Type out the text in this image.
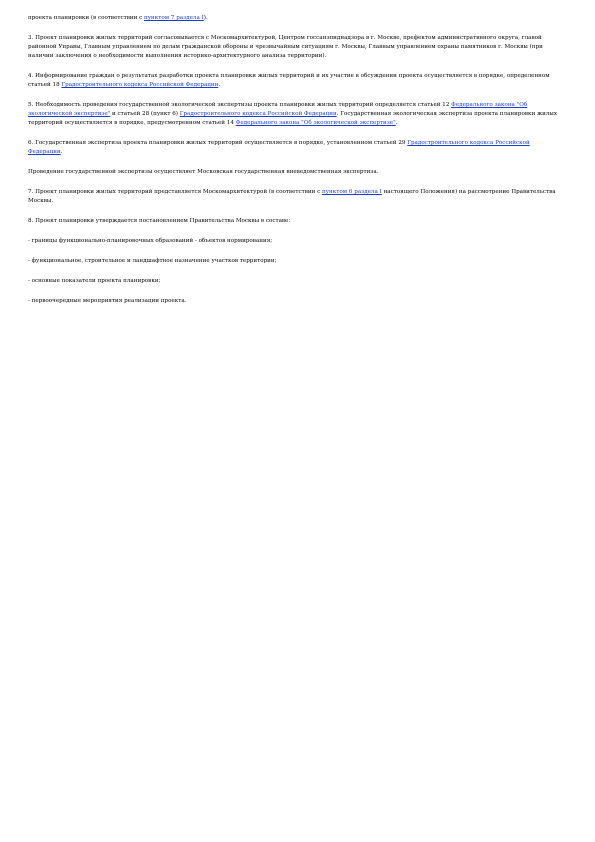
проекта планировки (в соответствии с пунктом 7 раздела I).

3. Проект планировки жилых территорий согласовывается с Москомархитектурой, Центром госсанэпиднадзора в г. Москве, префектом административного округа, главой районной Управы, Главным управлением по делам гражданской обороны и чрезвычайным ситуациям г. Москвы, Главным управлением охраны памятников г. Москвы (при наличии заключения о необходимости выполнения историко-архитектурного анализа территории).

4. Информирование граждан о результатах разработки проекта планировки жилых территорий и их участие в обсуждении проекта осуществляется в порядке, определенном статьей 18 Градостроительного кодекса Российской Федерации.

5. Необходимость проведения государственной экологической экспертизы проекта планировки жилых территорий определяется статьей 12 Федерального закона "Об экологической экспертизе" и статьей 28 (пункт 6) Градостроительного кодекса Российской Федерации. Государственная экологическая экспертиза проекта планировки жилых территорий осуществляется в порядке, предусмотренном статьей 14 Федерального закона "Об экологической экспертизе".

6. Государственная экспертиза проекта планировки жилых территорий осуществляется в порядке, установленном статьей 29 Градостроительного кодекса Российской Федерации.

Проведение государственной экспертизы осуществляет Московская государственная вневедомственная экспертиза.

7. Проект планировки жилых территорий представляется Москомархитектурой (в соответствии с пунктом 6 раздела I настоящего Положения) на рассмотрение Правительства Москвы.

8. Проект планировки утверждается постановлением Правительства Москвы в составе:

- границы функционально-планировочных образований - объектов нормирования;

- функциональное, строительное и ландшафтное назначение участков территории;

- основные показатели проекта планировки;

- первоочередные мероприятия реализации проекта.
